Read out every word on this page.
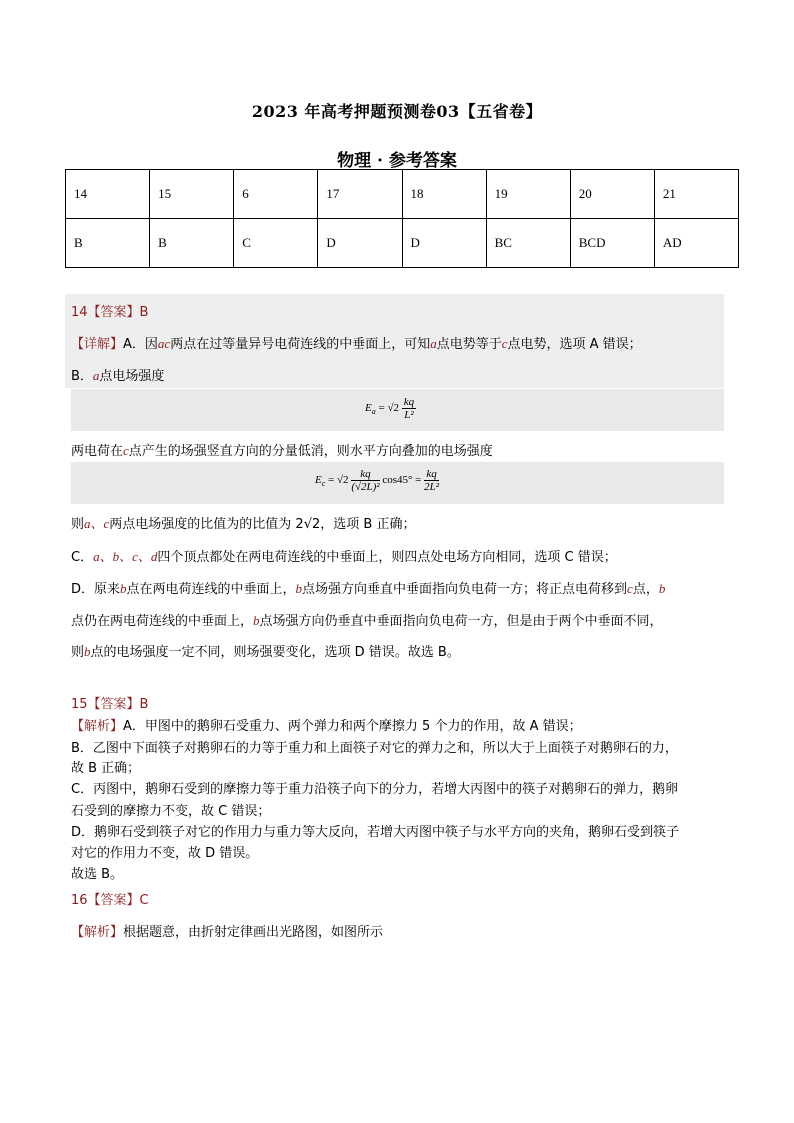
2023 年高考押题预测卷03【五省卷】
物理 · 参考答案
14	15	6	17	18	19	20	21
B	B	C	D	D	BC	BCD	AD
14【答案】B
【详解】A．因ac两点在过等量异号电荷连线的中垂面上，可知a点电势等于c点电势，选项 A 错误；
B．a点电场强度
$E_a = √2 \frac{kq}{\text{L²}}$
两电荷在c点产生的场强竖直方向的分量低消，则水平方向叠加的电场强度
$E_c = √2 \frac{kq}{\text{(√2L)²}} \cos 45^\circ = \frac{kq}{\text{2L²}}$
则a、c两点电场强度的比值为的比值为 2√2，选项 B 正确；
C．a、b、c、d四个顶点都处在两电荷连线的中垂面上，则四点处电场方向相同，选项 C 错误；
D．原来b点在两电荷连线的中垂面上，b点场强方向垂直中垂面指向负电荷一方；将正点电荷移到c点，b
点仍在两电荷连线的中垂面上，b点场强方向仍垂直中垂面指向负电荷一方，但是由于两个中垂面不同，
则b点的电场强度一定不同，则场强要变化，选项 D 错误。故选 B。
15【答案】B
【解析】A．甲图中的鹅卵石受重力、两个弹力和两个摩擦力 5 个力的作用，故 A 错误；
B．乙图中下面筷子对鹅卵石的力等于重力和上面筷子对它的弹力之和，所以大于上面筷子对鹅卵石的力，
故 B 正确；
C．丙图中，鹅卵石受到的摩擦力等于重力沿筷子向下的分力，若增大丙图中的筷子对鹅卵石的弹力，鹅卵
石受到的摩擦力不变，故 C 错误；
D．鹅卵石受到筷子对它的作用力与重力等大反向，若增大丙图中筷子与水平方向的夹角，鹅卵石受到筷子
对它的作用力不变，故 D 错误。
故选 B。
16【答案】C
【解析】根据题意，由折射定律画出光路图，如图所示
